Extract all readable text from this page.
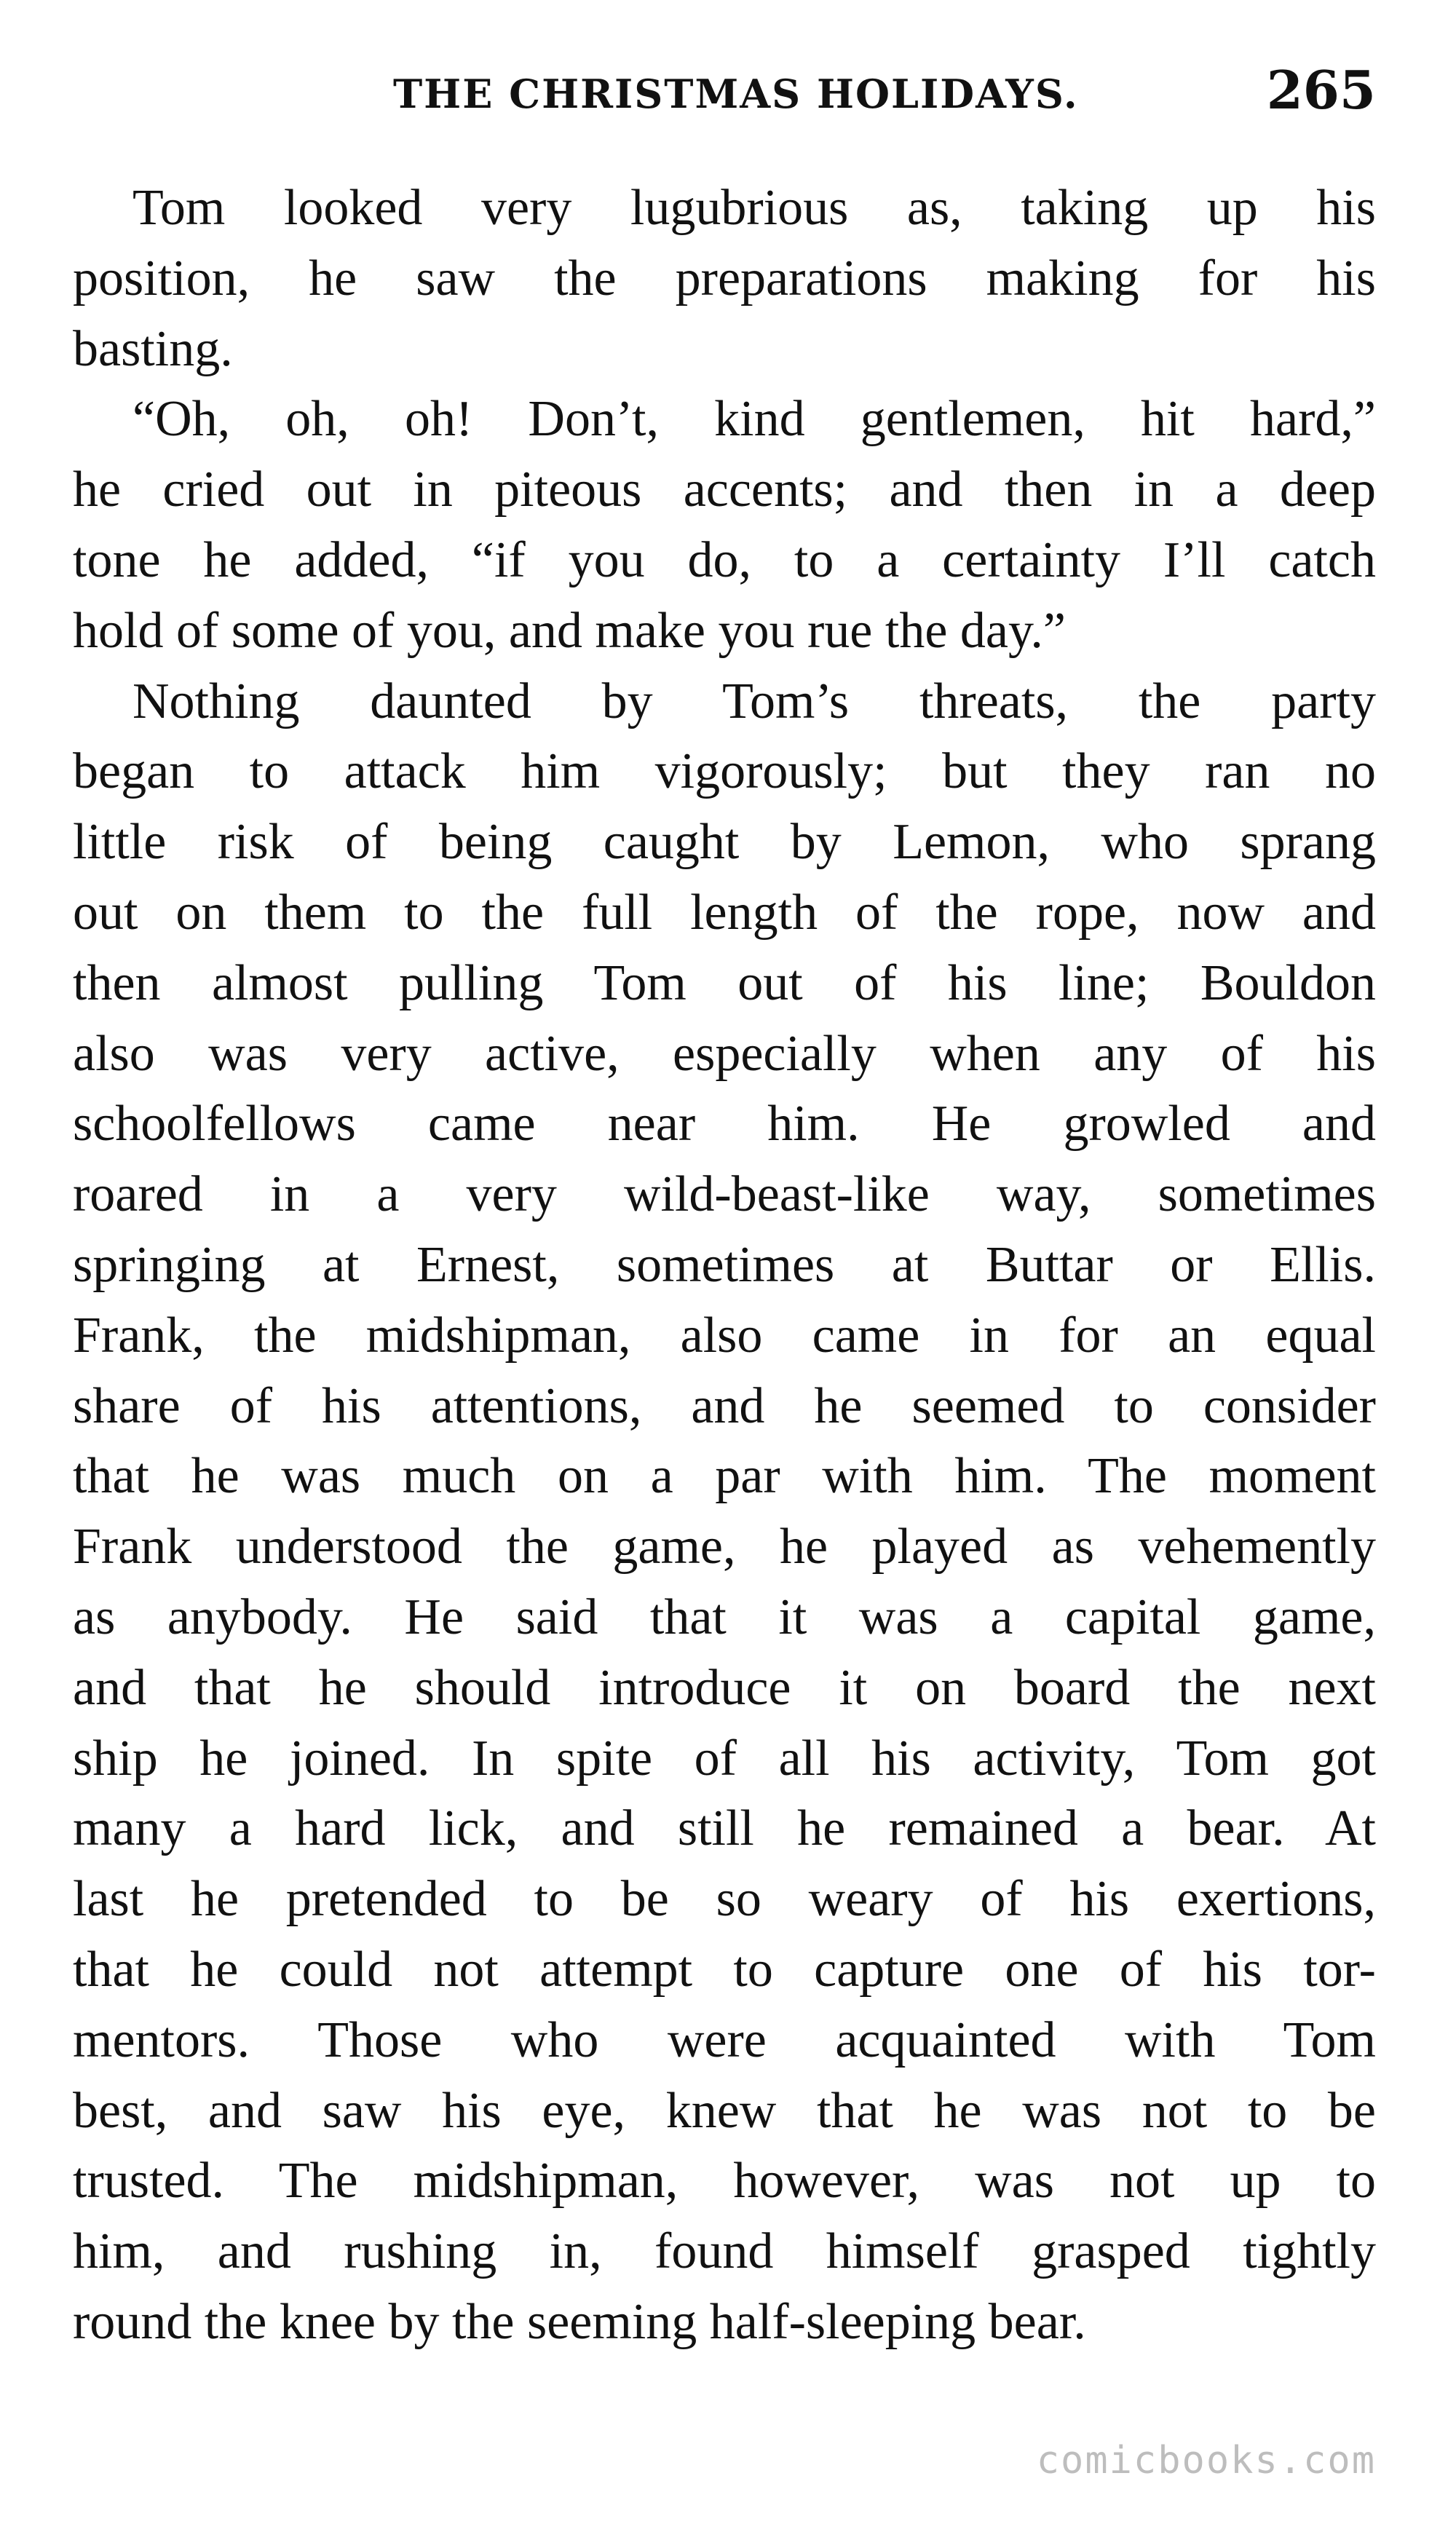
THE CHRISTMAS HOLIDAYS.	265
Tom looked very lugubrious as, taking up his
position, he saw the preparations making for his
basting.
“Oh, oh, oh! Don’t, kind gentlemen, hit hard,”
he cried out in piteous accents; and then in a deep
tone he added, “if you do, to a certainty I’ll catch
hold of some of you, and make you rue the day.”
Nothing daunted by Tom’s threats, the party
began to attack him vigorously; but they ran no
little risk of being caught by Lemon, who sprang
out on them to the full length of the rope, now and
then almost pulling Tom out of his line; Bouldon
also was very active, especially when any of his
schoolfellows came near him. He growled and
roared in a very wild-beast-like way, sometimes
springing at Ernest, sometimes at Buttar or Ellis.
Frank, the midshipman, also came in for an equal
share of his attentions, and he seemed to consider
that he was much on a par with him. The moment
Frank understood the game, he played as vehemently
as anybody. He said that it was a capital game,
and that he should introduce it on board the next
ship he joined. In spite of all his activity, Tom got
many a hard lick, and still he remained a bear. At
last he pretended to be so weary of his exertions,
that he could not attempt to capture one of his tor-
mentors. Those who were acquainted with Tom
best, and saw his eye, knew that he was not to be
trusted. The midshipman, however, was not up to
him, and rushing in, found himself grasped tightly
round the knee by the seeming half-sleeping bear.
comicbooks.com
